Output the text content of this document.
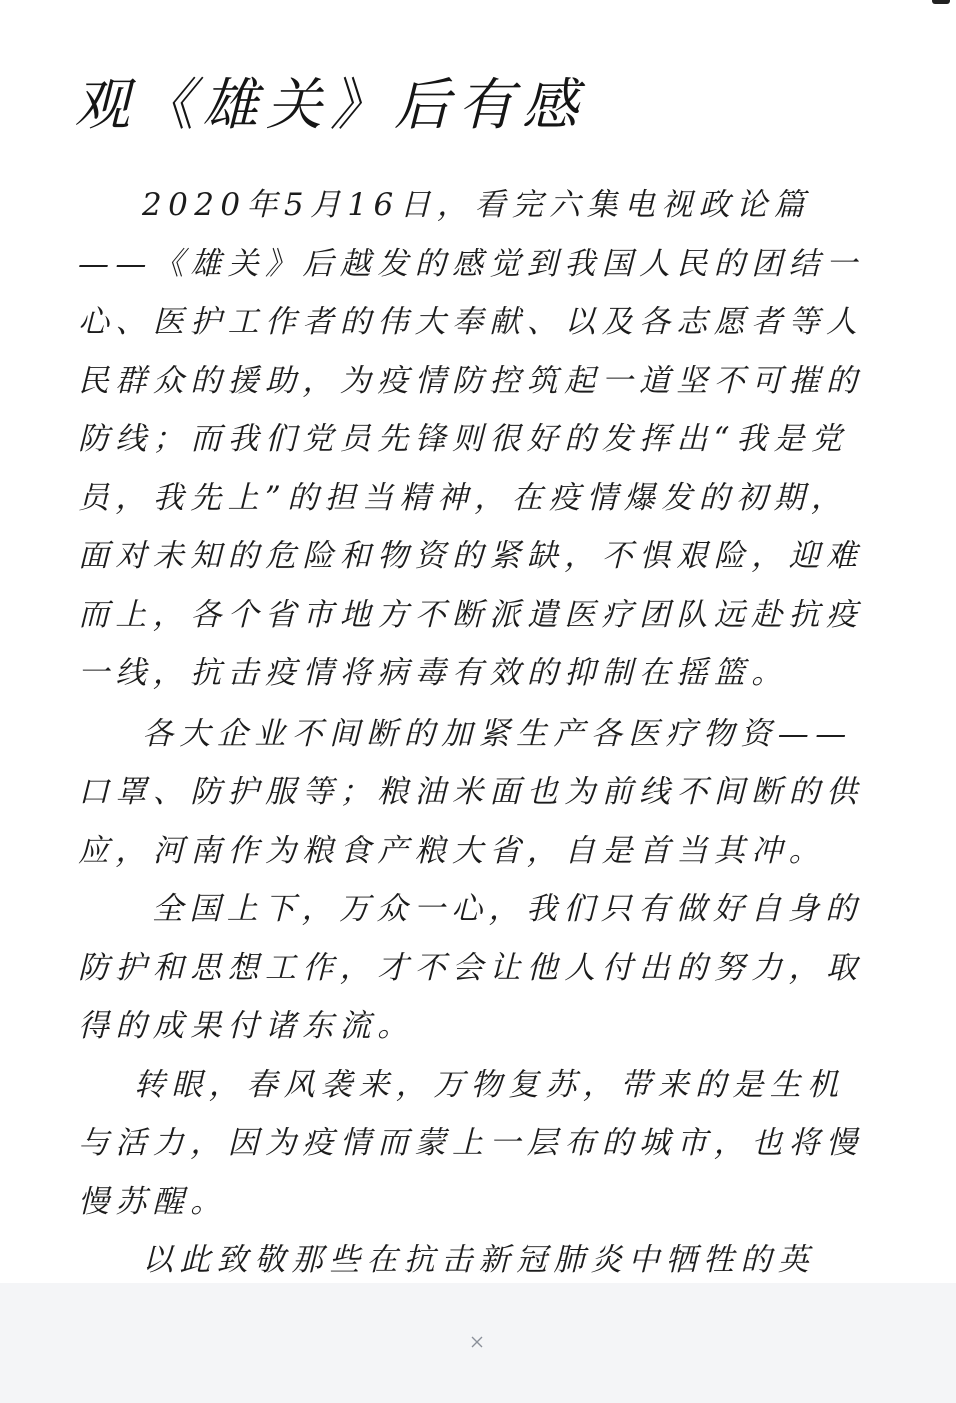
观《雄关》后有感

2020年5月16日，看完六集电视政论篇——《雄关》后越发的感觉到我国人民的团结一心、医护工作者的伟大奉献、以及各志愿者等人民群众的援助，为疫情防控筑起一道坚不可摧的防线；而我们党员先锋则很好的发挥出“我是党员，我先上”的担当精神，在疫情爆发的初期，面对未知的危险和物资的紧缺，不惧艰险，迎难而上，各个省市地方不断派遣医疗团队远赴抗疫一线，抗击疫情将病毒有效的抑制在摇篮。

各大企业不间断的加紧生产各医疗物资——口罩、防护服等；粮油米面也为前线不间断的供应，河南作为粮食产粮大省，自是首当其冲。

全国上下，万众一心，我们只有做好自身的防护和思想工作，才不会让他人付出的努力，取得的成果付诸东流。

转眼，春风袭来，万物复苏，带来的是生机与活力，因为疫情而蒙上一层布的城市，也将慢慢苏醒。

以此致敬那些在抗击新冠肺炎中牺牲的英
